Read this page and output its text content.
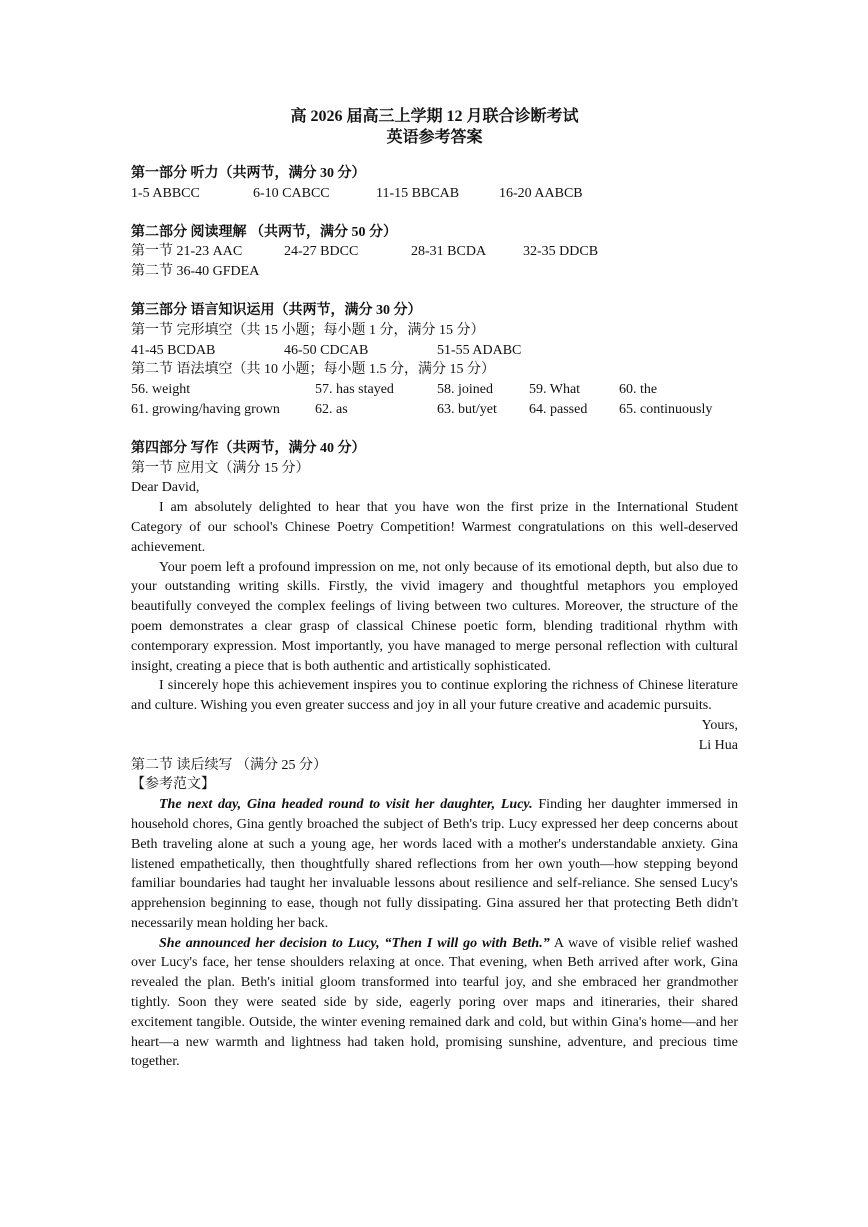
高 2026 届高三上学期 12 月联合诊断考试
英语参考答案
第一部分 听力（共两节，满分 30 分）
1-5 ABBCC	6-10 CABCC	11-15 BBCAB	16-20 AABCB
第二部分 阅读理解 （共两节，满分 50 分）
第一节 21-23 AAC	24-27 BDCC	28-31 BCDA	32-35 DDCB
第二节 36-40 GFDEA
第三部分 语言知识运用（共两节，满分 30 分）
第一节 完形填空（共 15 小题；每小题 1 分，满分 15 分）
41-45 BCDAB	46-50 CDCAB	51-55 ADABC
第二节 语法填空（共 10 小题；每小题 1.5 分，满分 15 分）
56. weight	57. has stayed	58. joined	59. What	60. the
61. growing/having grown	62. as	63. but/yet	64. passed	65. continuously
第四部分 写作（共两节，满分 40 分）
第一节 应用文（满分 15 分）
Dear David,

I am absolutely delighted to hear that you have won the first prize in the International Student Category of our school's Chinese Poetry Competition! Warmest congratulations on this well-deserved achievement.

Your poem left a profound impression on me, not only because of its emotional depth, but also due to your outstanding writing skills. Firstly, the vivid imagery and thoughtful metaphors you employed beautifully conveyed the complex feelings of living between two cultures. Moreover, the structure of the poem demonstrates a clear grasp of classical Chinese poetic form, blending traditional rhythm with contemporary expression. Most importantly, you have managed to merge personal reflection with cultural insight, creating a piece that is both authentic and artistically sophisticated.

I sincerely hope this achievement inspires you to continue exploring the richness of Chinese literature and culture. Wishing you even greater success and joy in all your future creative and academic pursuits.

Yours,
Li Hua
第二节 读后续写 （满分 25 分）
【参考范文】

The next day, Gina headed round to visit her daughter, Lucy. Finding her daughter immersed in household chores, Gina gently broached the subject of Beth's trip. Lucy expressed her deep concerns about Beth traveling alone at such a young age, her words laced with a mother's understandable anxiety. Gina listened empathetically, then thoughtfully shared reflections from her own youth—how stepping beyond familiar boundaries had taught her invaluable lessons about resilience and self-reliance. She sensed Lucy's apprehension beginning to ease, though not fully dissipating. Gina assured her that protecting Beth didn't necessarily mean holding her back.

She announced her decision to Lucy, “Then I will go with Beth.” A wave of visible relief washed over Lucy's face, her tense shoulders relaxing at once. That evening, when Beth arrived after work, Gina revealed the plan. Beth's initial gloom transformed into tearful joy, and she embraced her grandmother tightly. Soon they were seated side by side, eagerly poring over maps and itineraries, their shared excitement tangible. Outside, the winter evening remained dark and cold, but within Gina's home—and her heart—a new warmth and lightness had taken hold, promising sunshine, adventure, and precious time together.
